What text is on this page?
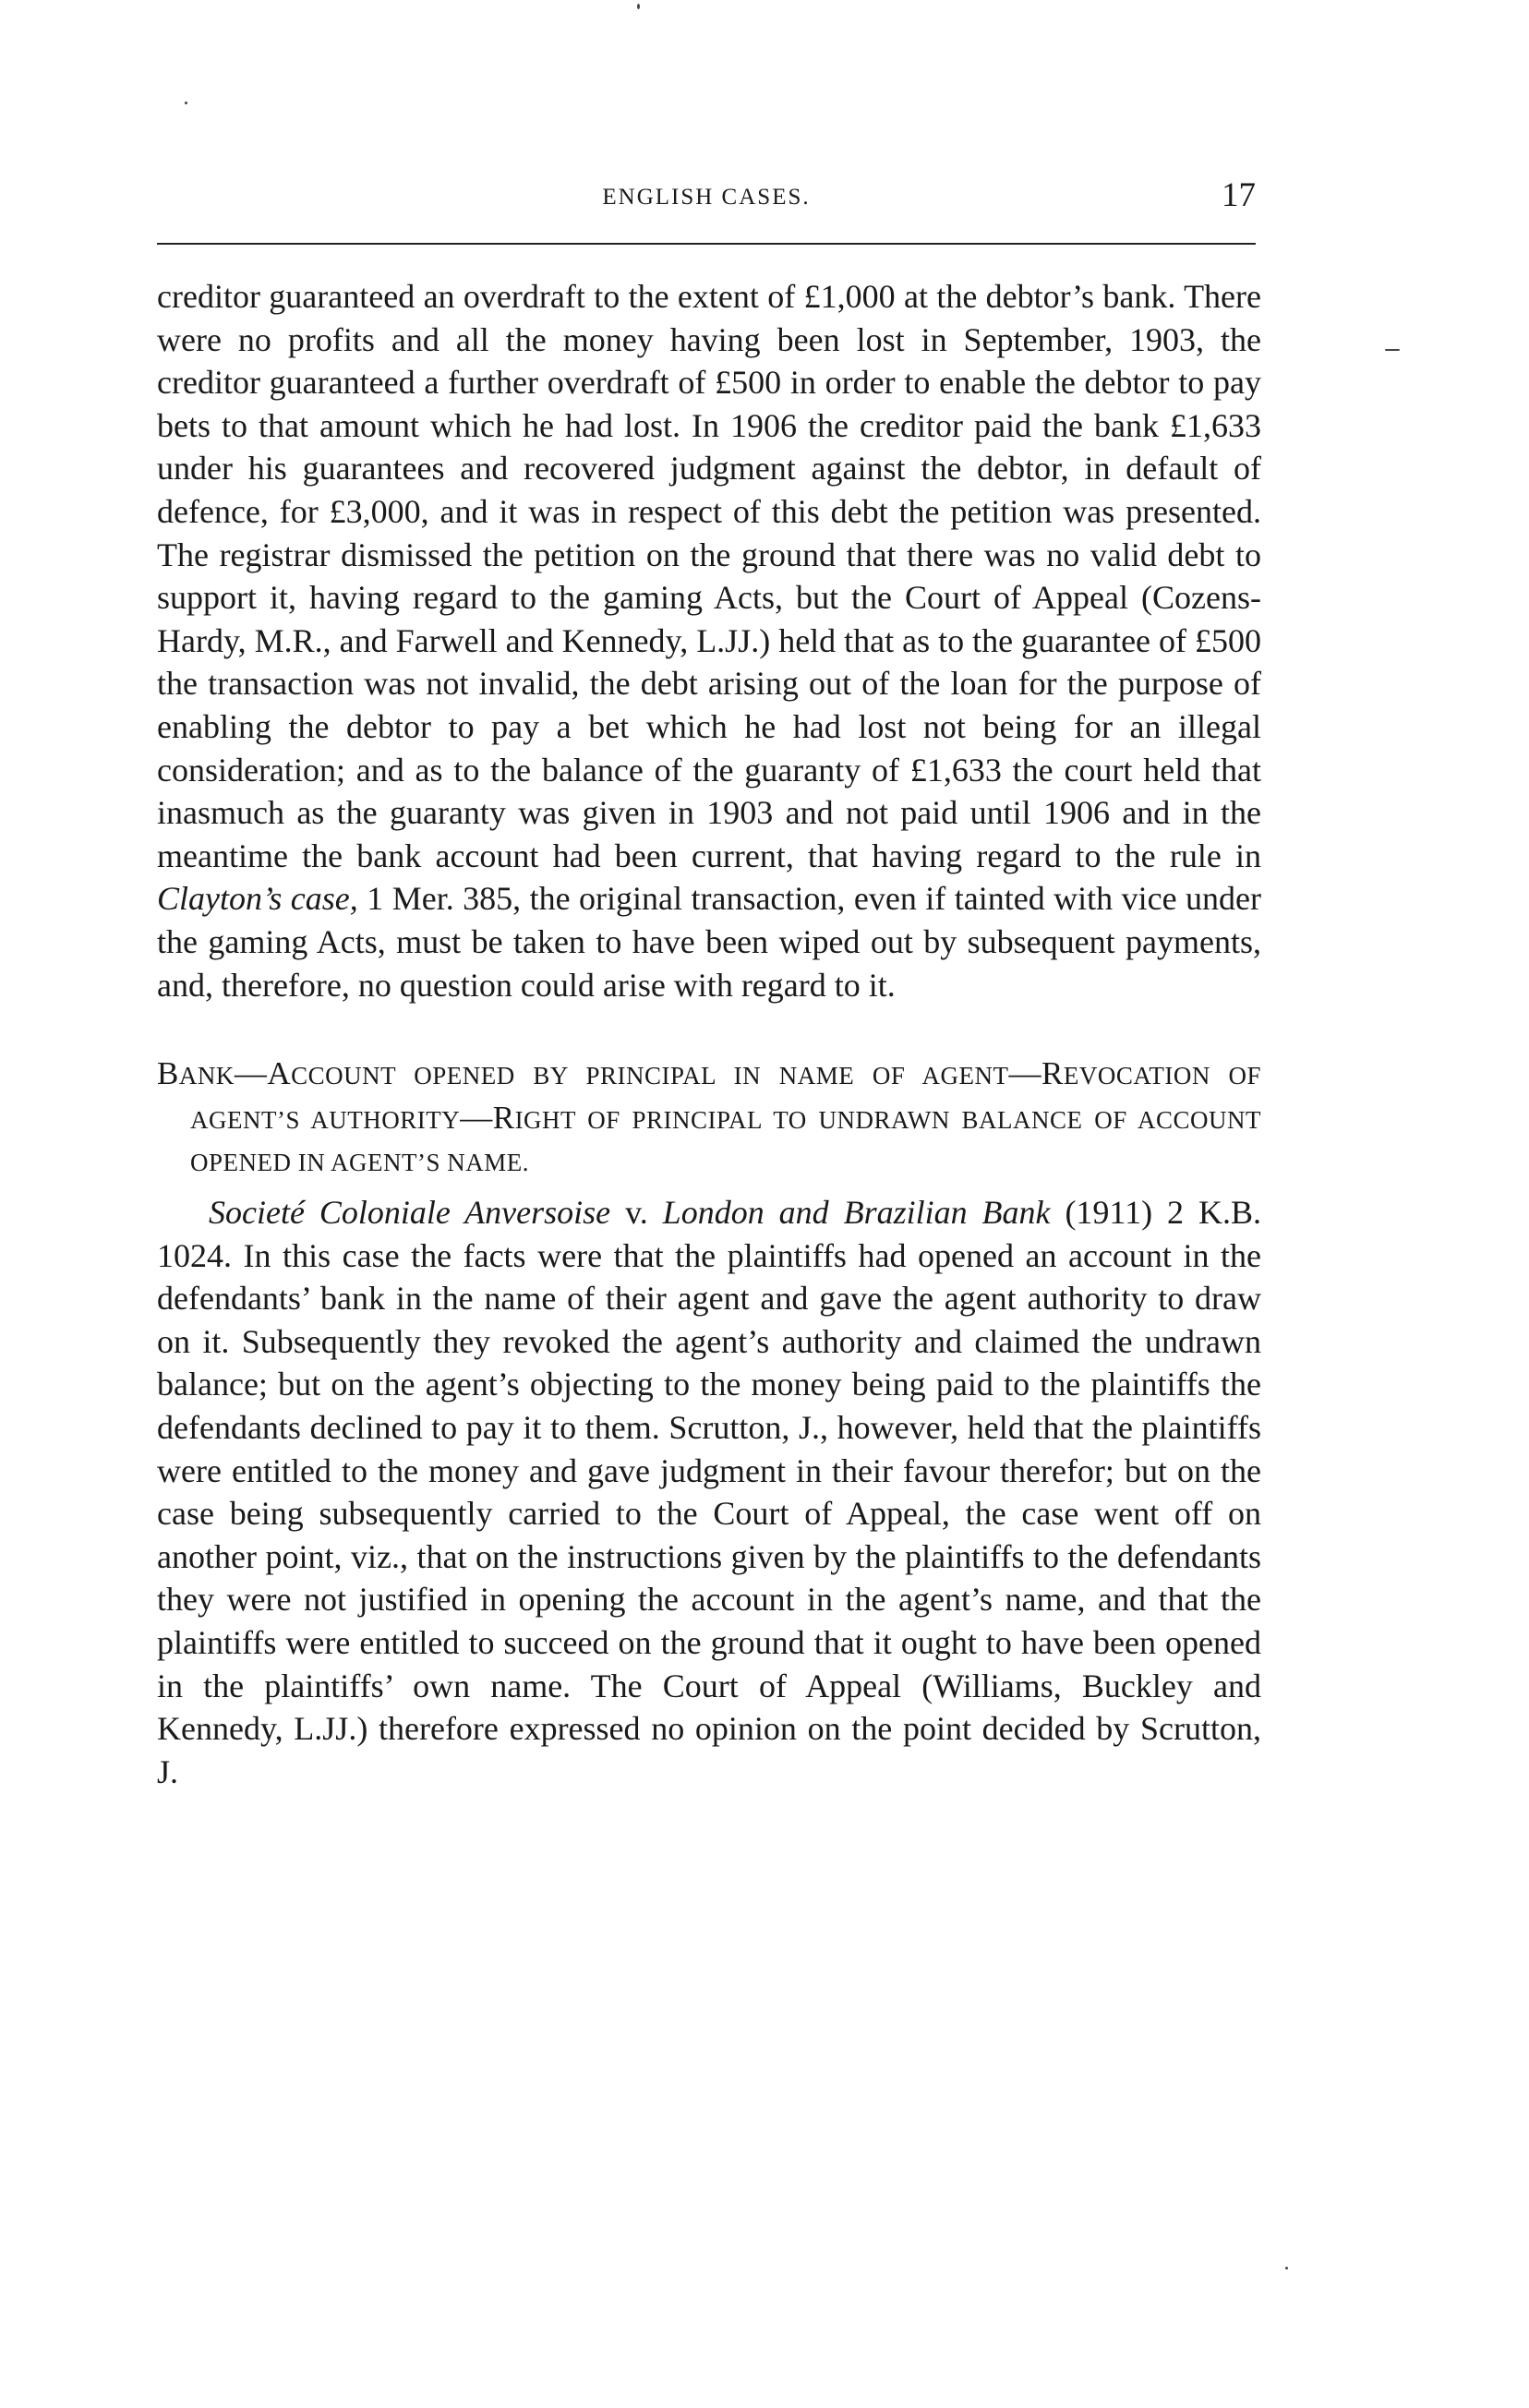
ENGLISH CASES.	17

creditor guaranteed an overdraft to the extent of £1,000 at the debtor’s bank. There were no profits and all the money having been lost in September, 1903, the creditor guaranteed a further overdraft of £500 in order to enable the debtor to pay bets to that amount which he had lost. In 1906 the creditor paid the bank £1,633 under his guarantees and recovered judgment against the debtor, in default of defence, for £3,000, and it was in respect of this debt the petition was presented. The registrar dismissed the petition on the ground that there was no valid debt to support it, having regard to the gaming Acts, but the Court of Appeal (Cozens-Hardy, M.R., and Farwell and Kennedy, L.JJ.) held that as to the guarantee of £500 the transaction was not invalid, the debt arising out of the loan for the purpose of enabling the debtor to pay a bet which he had lost not being for an illegal consideration; and as to the balance of the guaranty of £1,633 the court held that inasmuch as the guaranty was given in 1903 and not paid until 1906 and in the meantime the bank account had been current, that having regard to the rule in Clayton’s case, 1 Mer. 385, the original transaction, even if tainted with vice under the gaming Acts, must be taken to have been wiped out by subsequent payments, and, therefore, no question could arise with regard to it.

BANK—ACCOUNT OPENED BY PRINCIPAL IN NAME OF AGENT—REVOCATION OF AGENT’S AUTHORITY—RIGHT OF PRINCIPAL TO UNDRAWN BALANCE OF ACCOUNT OPENED IN AGENT’S NAME.

Societé Coloniale Anversoise v. London and Brazilian Bank (1911) 2 K.B. 1024. In this case the facts were that the plaintiffs had opened an account in the defendants’ bank in the name of their agent and gave the agent authority to draw on it. Subsequently they revoked the agent’s authority and claimed the undrawn balance; but on the agent’s objecting to the money being paid to the plaintiffs the defendants declined to pay it to them. Scrutton, J., however, held that the plaintiffs were entitled to the money and gave judgment in their favour therefor; but on the case being subsequently carried to the Court of Appeal, the case went off on another point, viz., that on the instructions given by the plaintiffs to the defendants they were not justified in opening the account in the agent’s name, and that the plaintiffs were entitled to succeed on the ground that it ought to have been opened in the plaintiffs’ own name. The Court of Appeal (Williams, Buckley and Kennedy, L.JJ.) therefore expressed no opinion on the point decided by Scrutton, J.
